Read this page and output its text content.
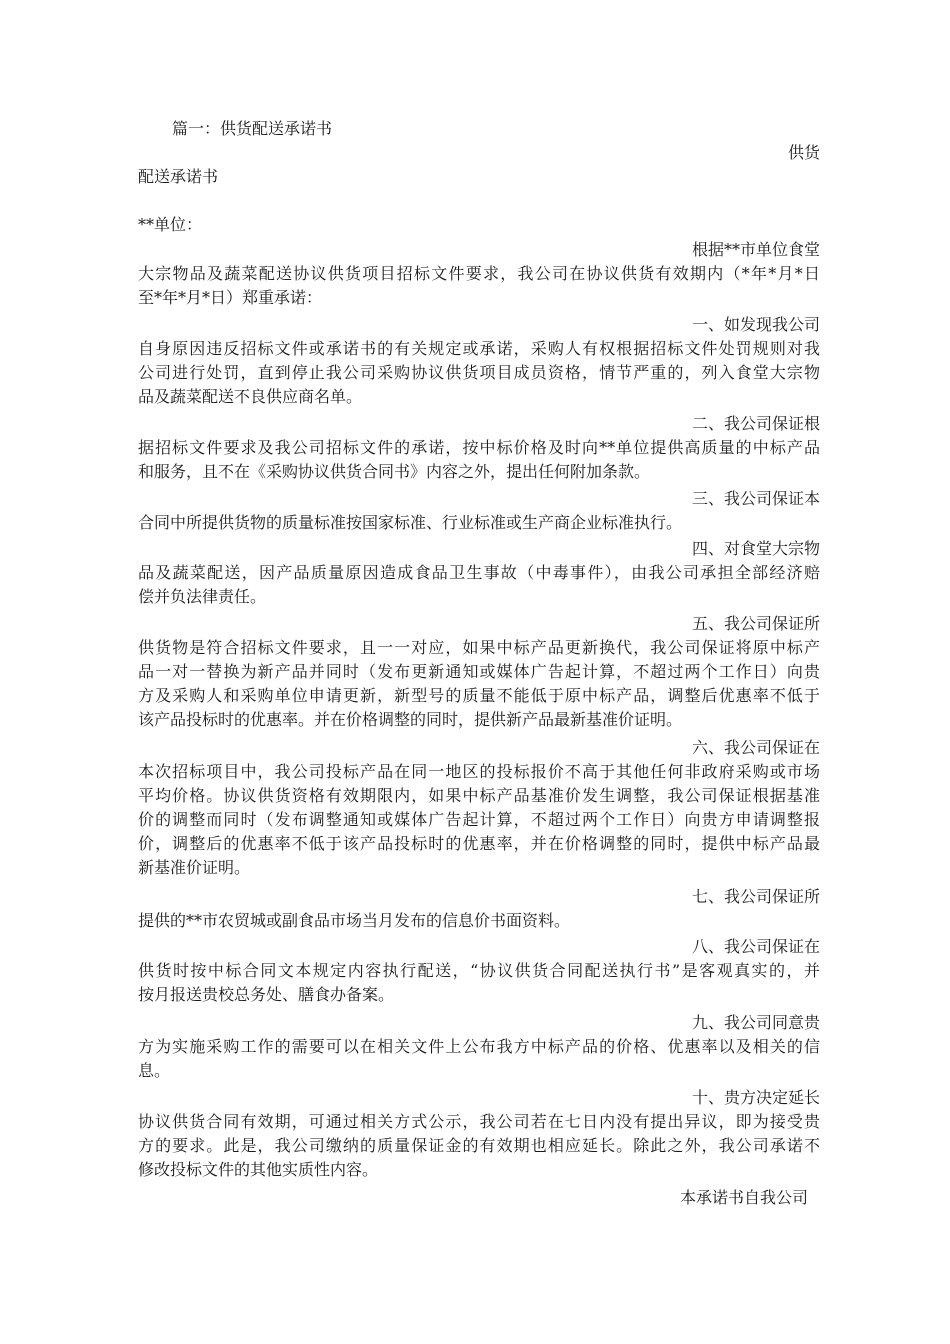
篇一：供货配送承诺书
供货
配送承诺书
**单位：
根据**市单位食堂
大宗物品及蔬菜配送协议供货项目招标文件要求，我公司在协议供货有效期内（*年*月*日
至*年*月*日）郑重承诺：
一、如发现我公司
自身原因违反招标文件或承诺书的有关规定或承诺，采购人有权根据招标文件处罚规则对我
公司进行处罚，直到停止我公司采购协议供货项目成员资格，情节严重的，列入食堂大宗物
品及蔬菜配送不良供应商名单。
二、我公司保证根
据招标文件要求及我公司招标文件的承诺，按中标价格及时向**单位提供高质量的中标产品
和服务，且不在《采购协议供货合同书》内容之外，提出任何附加条款。
三、我公司保证本
合同中所提供货物的质量标准按国家标准、行业标准或生产商企业标准执行。
四、对食堂大宗物
品及蔬菜配送，因产品质量原因造成食品卫生事故（中毒事件），由我公司承担全部经济赔
偿并负法律责任。
五、我公司保证所
供货物是符合招标文件要求，且一一对应，如果中标产品更新换代，我公司保证将原中标产
品一对一替换为新产品并同时（发布更新通知或媒体广告起计算，不超过两个工作日）向贵
方及采购人和采购单位申请更新，新型号的质量不能低于原中标产品，调整后优惠率不低于
该产品投标时的优惠率。并在价格调整的同时，提供新产品最新基准价证明。
六、我公司保证在
本次招标项目中，我公司投标产品在同一地区的投标报价不高于其他任何非政府采购或市场
平均价格。协议供货资格有效期限内，如果中标产品基准价发生调整，我公司保证根据基准
价的调整而同时（发布调整通知或媒体广告起计算，不超过两个工作日）向贵方申请调整报
价，调整后的优惠率不低于该产品投标时的优惠率，并在价格调整的同时，提供中标产品最
新基准价证明。
七、我公司保证所
提供的**市农贸城或副食品市场当月发布的信息价书面资料。
八、我公司保证在
供货时按中标合同文本规定内容执行配送，“协议供货合同配送执行书”是客观真实的，并
按月报送贵校总务处、膳食办备案。
九、我公司同意贵
方为实施采购工作的需要可以在相关文件上公布我方中标产品的价格、优惠率以及相关的信
息。
十、贵方决定延长
协议供货合同有效期，可通过相关方式公示，我公司若在七日内没有提出异议，即为接受贵
方的要求。此是，我公司缴纳的质量保证金的有效期也相应延长。除此之外，我公司承诺不
修改投标文件的其他实质性内容。
本承诺书自我公司
